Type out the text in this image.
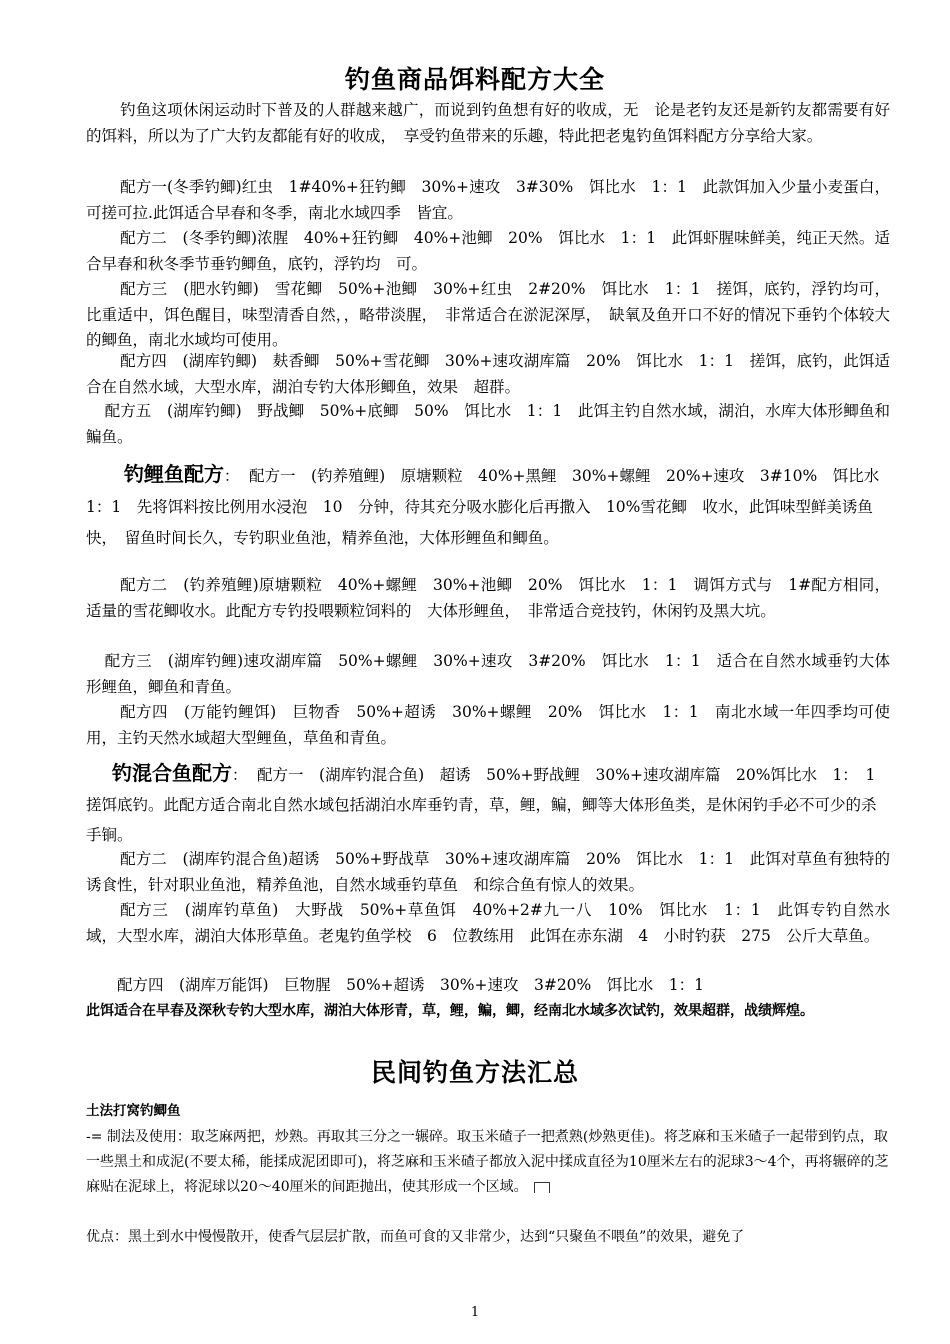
钓鱼商品饵料配方大全
钓鱼这项休闲运动时下普及的人群越来越广，而说到钓鱼想有好的收成，无　论是老钓友还是新钓友都需要有好的饵料，所以为了广大钓友都能有好的收成，　享受钓鱼带来的乐趣，特此把老鬼钓鱼饵料配方分享给大家。
配方一(冬季钓鲫)红虫　1#40%+狂钓鲫　30%+速攻　3#30%　饵比水　1：1　此款饵加入少量小麦蛋白，可搓可拉.此饵适合早春和冬季，南北水域四季　皆宜。
配方二　(冬季钓鲫)浓腥　40%+狂钓鲫　40%+池鲫　20%　饵比水　1：1　此饵虾腥味鲜美，纯正天然。适合早春和秋冬季节垂钓鲫鱼，底钓，浮钓均　可。
配方三　(肥水钓鲫)　雪花鲫　50%+池鲫　30%+红虫　2#20%　饵比水　1：1　搓饵，底钓，浮钓均可，比重适中，饵色醒目，味型清香自然，，略带淡腥，　非常适合在淤泥深厚，　缺氧及鱼开口不好的情况下垂钓个体较大的鲫鱼，南北水域均可使用。
配方四　(湖库钓鲫)　麸香鲫　50%+雪花鲫　30%+速攻湖库篇　20%　饵比水　1：1　搓饵，底钓，此饵适合在自然水域，大型水库，湖泊专钓大体形鲫鱼，效果　超群。
配方五　(湖库钓鲫)　野战鲫　50%+底鲫　50%　饵比水　1：1　此饵主钓自然水域，湖泊，水库大体形鲫鱼和鳊鱼。
钓鲤鱼配方： 配方一　(钓养殖鲤)　原塘颗粒　40%+黑鲤　30%+螺鲤　20%+速攻　3#10%　饵比水　1：1　先将饵料按比例用水浸泡　10　分钟，待其充分吸水膨化后再撒入　10%雪花鲫　收水，此饵味型鲜美诱鱼快，　留鱼时间长久，专钓职业鱼池，精养鱼池，大体形鲤鱼和鲫鱼。
配方二　(钓养殖鲤)原塘颗粒　40%+螺鲤　30%+池鲫　20%　饵比水　1：1　调饵方式与　1#配方相同，适量的雪花鲫收水。此配方专钓投喂颗粒饲料的　大体形鲤鱼，　非常适合竞技钓，休闲钓及黑大坑。
配方三　(湖库钓鲤)速攻湖库篇　50%+螺鲤　30%+速攻　3#20%　饵比水　1：1　适合在自然水域垂钓大体形鲤鱼，鲫鱼和青鱼。
配方四　(万能钓鲤饵)　巨物香　50%+超诱　30%+螺鲤　20%　饵比水　1：1　南北水域一年四季均可使用，主钓天然水域超大型鲤鱼，草鱼和青鱼。
钓混合鱼配方： 配方一　(湖库钓混合鱼)　超诱　50%+野战鲤　30%+速攻湖库篇　20%饵比水　1：　1　搓饵底钓。此配方适合南北自然水域包括湖泊水库垂钓青，草，鲤，鳊，鲫等大体形鱼类，是休闲钓手必不可少的杀手锏。
配方二　(湖库钓混合鱼)超诱　50%+野战草　30%+速攻湖库篇　20%　饵比水　1：1　此饵对草鱼有独特的诱食性，针对职业鱼池，精养鱼池，自然水域垂钓草鱼　和综合鱼有惊人的效果。
配方三　(湖库钓草鱼)　大野战　50%+草鱼饵　40%+2#九一八　10%　饵比水　1：1　此饵专钓自然水域，大型水库，湖泊大体形草鱼。老鬼钓鱼学校　6　位教练用　此饵在赤东湖　4　小时钓获　275　公斤大草鱼。
配方四　(湖库万能饵)　巨物腥　50%+超诱　30%+速攻　3#20%　饵比水　1：1
此饵适合在早春及深秋专钓大型水库，湖泊大体形青，草，鲤，鳊，鲫，经南北水域多次试钓，效果超群，战绩辉煌。
民间钓鱼方法汇总
土法打窝钓鲫鱼
-= 制法及使用：取芝麻两把，炒熟。再取其三分之一辗碎。取玉米碴子一把煮熟(炒熟更佳)。将芝麻和玉米碴子一起带到钓点，取一些黑土和成泥(不要太稀，能揉成泥团即可)，将芝麻和玉米碴子都放入泥中揉成直径为10厘米左右的泥球3～4个，再将辗碎的芝麻贴在泥球上，将泥球以20～40厘米的间距抛出，使其形成一个区域。
优点：黑土到水中慢慢散开，使香气层层扩散，而鱼可食的又非常少，达到“只聚鱼不喂鱼”的效果，避免了
1
